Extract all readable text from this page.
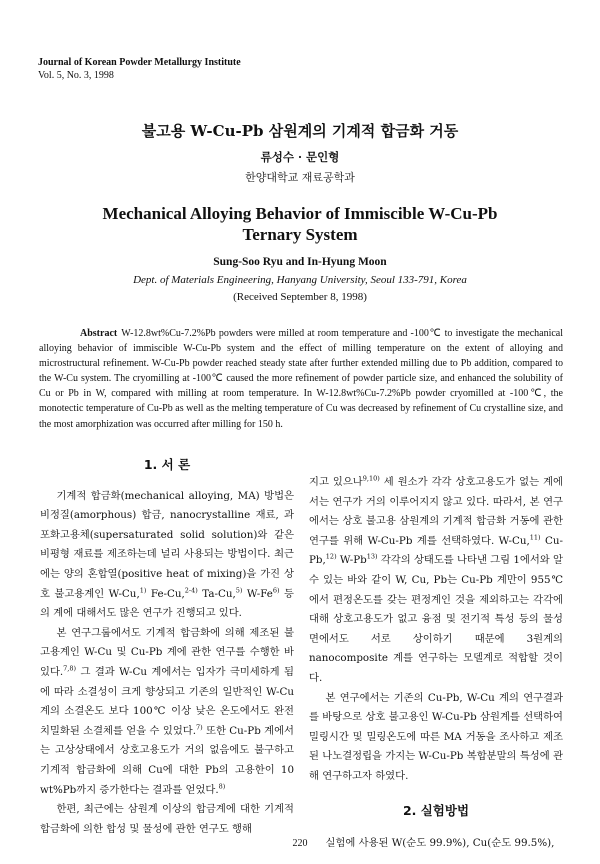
Journal of Korean Powder Metallurgy Institute
Vol. 5, No. 3, 1998
불고용 W-Cu-Pb 삼원계의 기계적 합금화 거동
류성수 · 문인형
한양대학교 재료공학과
Mechanical Alloying Behavior of Immiscible W-Cu-Pb
Ternary System
Sung-Soo Ryu and In-Hyung Moon
Dept. of Materials Engineering, Hanyang University, Seoul 133-791, Korea
(Received September 8, 1998)
Abstract W-12.8wt%Cu-7.2%Pb powders were milled at room temperature and -100℃ to investigate the mechanical alloying behavior of immiscible W-Cu-Pb system and the effect of milling temperature on the extent of alloying and microstructural refinement. W-Cu-Pb powder reached steady state after further extended milling due to Pb addition, compared to the W-Cu system. The cryomilling at -100℃ caused the more refinement of powder particle size, and enhanced the solubility of Cu or Pb in W, compared with milling at room temperature. In W-12.8wt%Cu-7.2%Pb powder cryomilled at -100℃, the monotectic temperature of Cu-Pb as well as the melting temperature of Cu was decreased by refinement of Cu crystalline size, and the most amorphization was occurred after milling for 150 h.
1. 서 론

기계적 합금화(mechanical alloying, MA) 방법은 비정질(amorphous) 합금, nanocrystalline 재료, 과포화고용체(supersaturated solid solution)와 같은 비평형 재료를 제조하는데 널리 사용되는 방법이다. 최근에는 양의 혼합열(positive heat of mixing)을 가진 상호 불고용계인 W-Cu,$^{1)}$ Fe-Cu,$^{2-4)}$ Ta-Cu,$^{5)}$ W-Fe$^{6)}$ 등의 계에 대해서도 많은 연구가 진행되고 있다.

본 연구그룹에서도 기계적 합금화에 의해 제조된 불고용계인 W-Cu 및 Cu-Pb 계에 관한 연구를 수행한 바 있다.$^{7,8)}$ 그 결과 W-Cu 계에서는 입자가 극미세하게 됨에 따라 소결성이 크게 향상되고 기존의 일반적인 W-Cu 계의 소결온도 보다 100℃ 이상 낮은 온도에서도 완전 치밀화된 소결체를 얻을 수 있었다.$^{7)}$ 또한 Cu-Pb 계에서는 고상상태에서 상호고용도가 거의 없음에도 불구하고 기계적 합금화에 의해 Cu에 대한 Pb의 고용한이 10 wt%Pb까지 증가한다는 결과를 얻었다.$^{8)}$

한편, 최근에는 삼원계 이상의 합금계에 대한 기계적 합금화에 의한 합성 및 물성에 관한 연구도 행해

지고 있으나$^{9,10)}$ 세 원소가 각각 상호고용도가 없는 계에서는 연구가 거의 이루어지지 않고 있다. 따라서, 본 연구에서는 상호 불고용 삼원계의 기계적 합금화 거동에 관한 연구를 위해 W-Cu-Pb 계를 선택하였다. W-Cu,$^{11)}$ Cu-Pb,$^{12)}$ W-Pb$^{13)}$ 각각의 상태도를 나타낸 그림 1에서와 알 수 있는 바와 같이 W, Cu, Pb는 Cu-Pb 계만이 955℃에서 편정온도를 갖는 편정계인 것을 제외하고는 각각에 대해 상호고용도가 없고 융점 및 전기적 특성 등의 물성 면에서도 서로 상이하기 때문에 3원계의 nanocomposite 계를 연구하는 모델계로 적합할 것이다.

본 연구에서는 기존의 Cu-Pb, W-Cu 계의 연구결과를 바탕으로 상호 불고용인 W-Cu-Pb 삼원계를 선택하여 밀링시간 및 밀링온도에 따른 MA 거동을 조사하고 제조된 나노결정립을 가지는 W-Cu-Pb 복합분말의 특성에 관해 연구하고자 하였다.

2. 실험방법

실험에 사용된 W(순도 99.9%), Cu(순도 99.5%),

220
